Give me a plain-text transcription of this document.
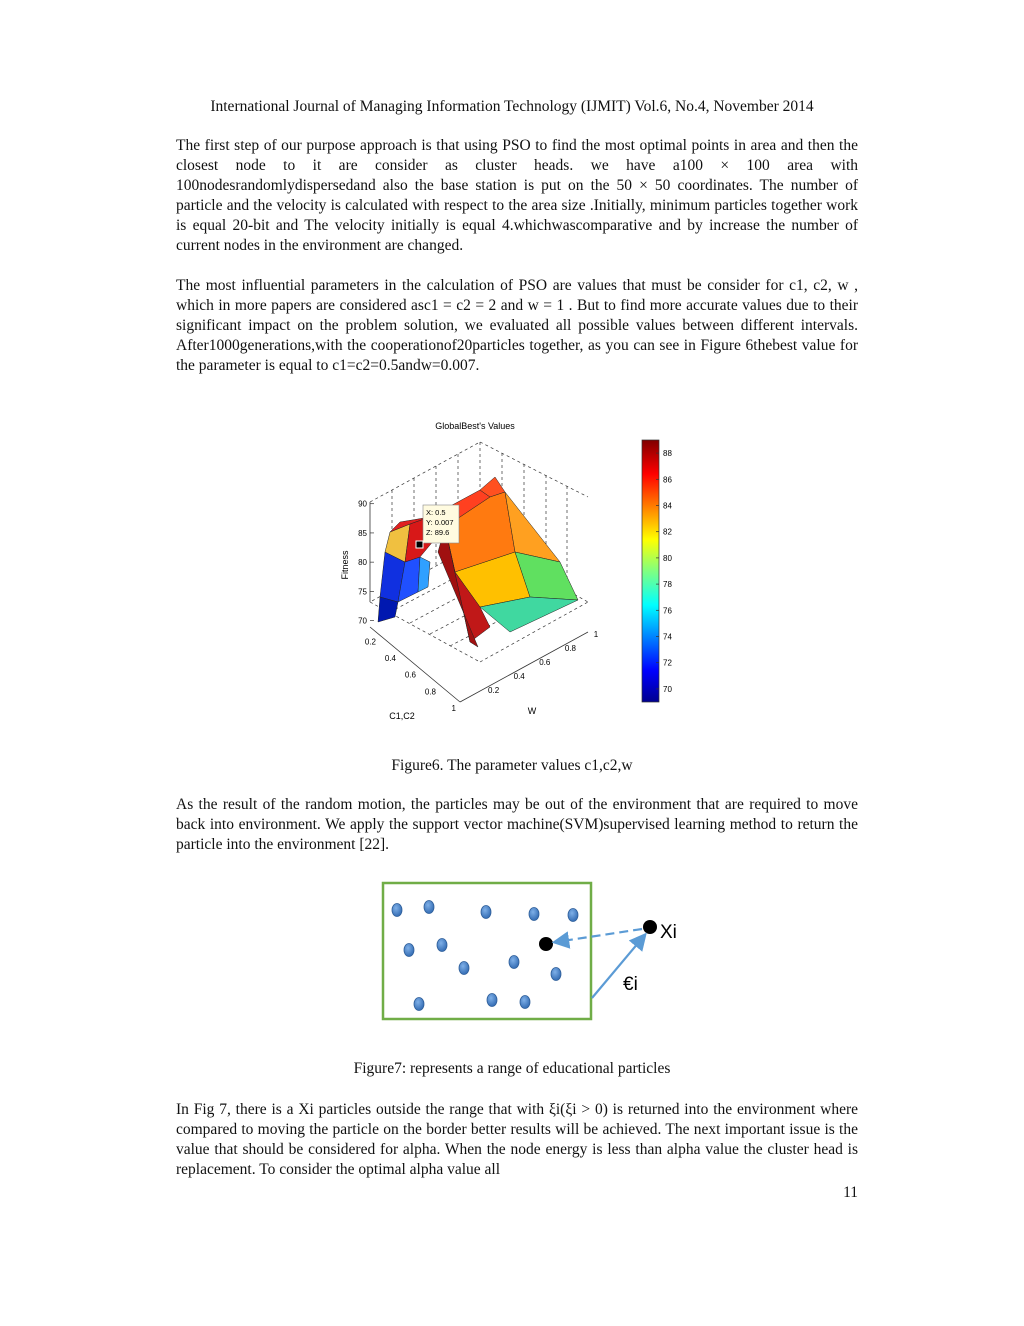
International Journal of Managing Information Technology (IJMIT) Vol.6, No.4, November 2014

The first step of our purpose approach is that using PSO to find the most optimal points in area and then the closest node to it are consider as cluster heads. we have a100 × 100 area with 100nodesrandomlydispersedand also the base station is put on the 50 × 50 coordinates. The number of particle and the velocity is calculated with respect to the area size .Initially, minimum particles together work is equal 20-bit and The velocity initially is equal 4.whichwascomparative and by increase the number of current nodes in the environment are changed.

The most influential parameters in the calculation of PSO are values that must be consider for c1, c2, w , which in more papers are considered asc1 = c2 = 2 and w = 1 . But to find more accurate values due to their significant impact on the problem solution, we evaluated all possible values between different intervals. After1000generations,with the cooperationof20particles together, as you can see in Figure 6thebest value for the parameter is equal to c1=c2=0.5andw=0.007.

GlobalBest's Values
X: 0.5
Y: 0.007
Z: 89.6
70
75
80
85
90
Fitness
0.2
0.4
0.6
0.8
1
C1,C2
0.2
0.4
0.6
0.8
1
W
70
72
74
76
78
80
82
84
86
88
Figure6. The parameter values c1,c2,w

As the result of the random motion, the particles may be out of the environment that are required to move back into environment. We apply the support vector machine(SVM)supervised learning method to return the particle into the environment [22].

Xi
€i
Figure7: represents a range of educational particles

In Fig 7, there is a Xi particles outside the range that with ξi(ξi > 0) is returned into the environment where compared to moving the particle on the border better results will be achieved. The next important issue is the value that should be considered for alpha. When the node energy is less than alpha value the cluster head is replacement. To consider the optimal alpha value all

11
